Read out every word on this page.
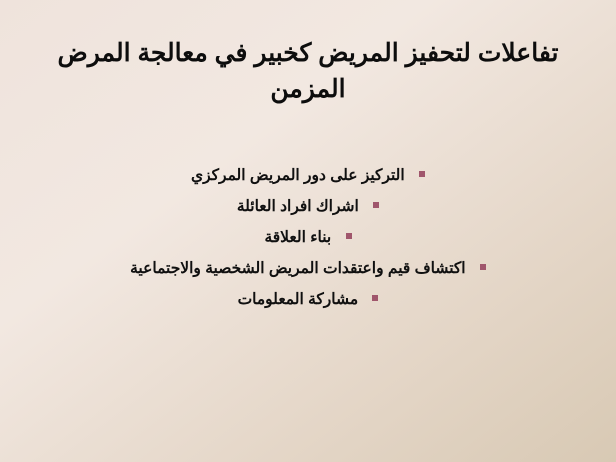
تفاعلات لتحفيز المريض كخبير في معالجة المرض المزمن
التركيز على دور المريض المركزي
اشراك افراد العائلة
بناء العلاقة
اكتشاف قيم واعتقدات المريض الشخصية والاجتماعية
مشاركة المعلومات
